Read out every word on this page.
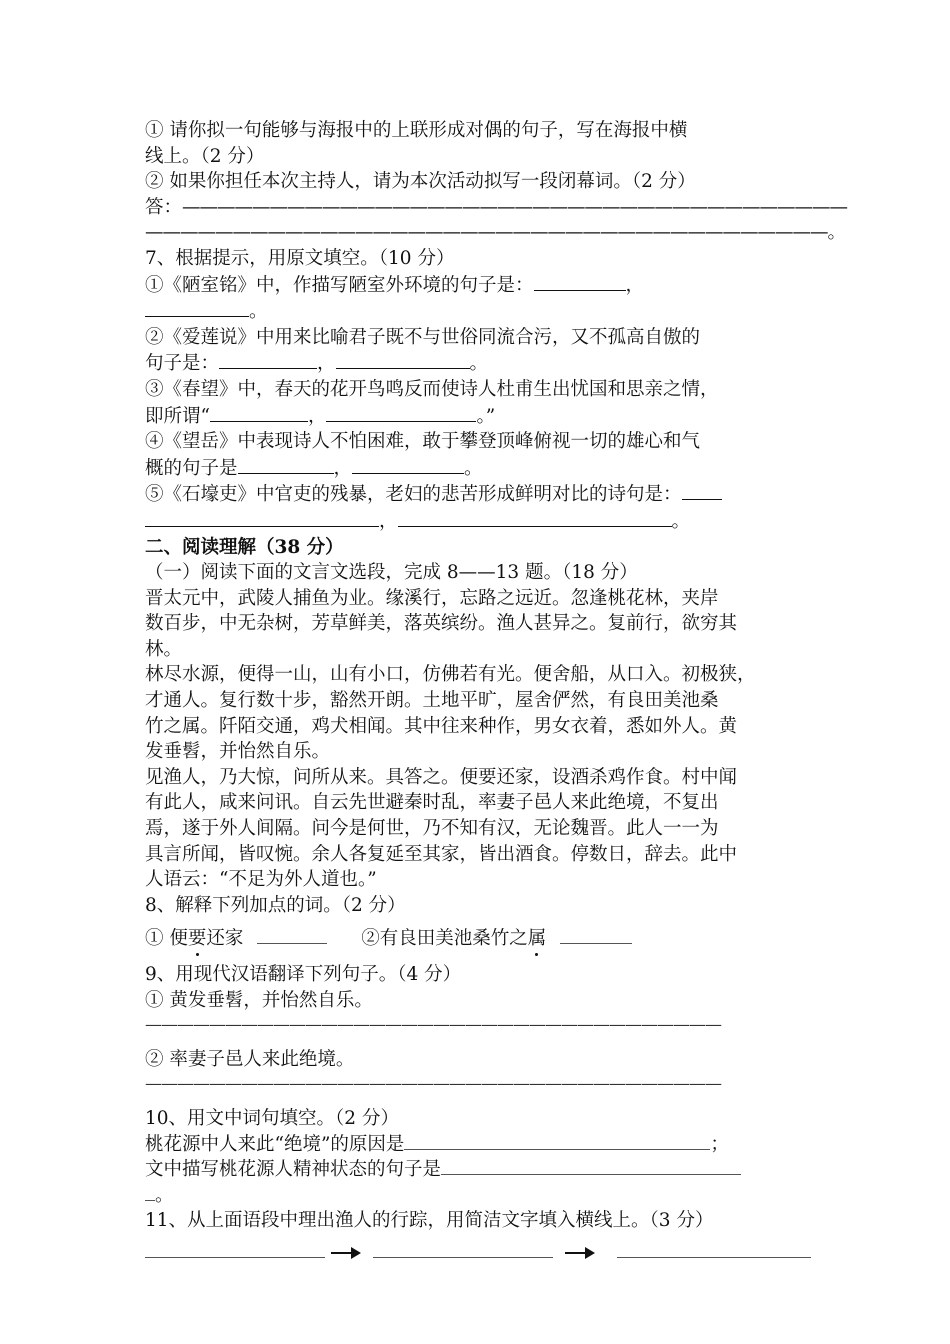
① 请你拟一句能够与海报中的上联形成对偶的句子，写在海报中横
线上。（2 分）
② 如果你担任本次主持人，请为本次活动拟写一段闭幕词。（2 分）
答：——————————————————————————————————————
———————————————————————————————————————。
7、根据提示，用原文填空。（10 分）
①《陋室铭》中，作描写陋室外环境的句子是：	，
。
②《爱莲说》中用来比喻君子既不与世俗同流合污，又不孤高自傲的
句子是：	，	。
③《春望》中，春天的花开鸟鸣反而使诗人杜甫生出忧国和思亲之情，
即所谓“	，	。”
④《望岳》中表现诗人不怕困难，敢于攀登顶峰俯视一切的雄心和气
概的句子是	，	。
⑤《石壕吏》中官吏的残暴，老妇的悲苦形成鲜明对比的诗句是：
，	。
二、阅读理解（38 分）
（一）阅读下面的文言文选段，完成 8——13 题。（18 分）
晋太元中，武陵人捕鱼为业。缘溪行，忘路之远近。忽逢桃花林，夹岸
数百步，中无杂树，芳草鲜美，落英缤纷。渔人甚异之。复前行，欲穷其
林。
林尽水源，便得一山，山有小口，仿佛若有光。便舍船，从口入。初极狭，
才通人。复行数十步，豁然开朗。土地平旷，屋舍俨然，有良田美池桑
竹之属。阡陌交通，鸡犬相闻。其中往来种作，男女衣着，悉如外人。黄
发垂髫，并怡然自乐。
见渔人，乃大惊，问所从来。具答之。便要还家，设酒杀鸡作食。村中闻
有此人，咸来问讯。自云先世避秦时乱，率妻子邑人来此绝境，不复出
焉，遂于外人间隔。问今是何世，乃不知有汉，无论魏晋。此人一一为
具言所闻，皆叹惋。余人各复延至其家，皆出酒食。停数日，辞去。此中
人语云：“不足为外人道也。”
8、解释下列加点的词。（2 分）
① 便要还家	②有良田美池桑竹之属
9、用现代汉语翻译下列句子。（4 分）
① 黄发垂髫，并怡然自乐。
————————————————————————————————————
② 率妻子邑人来此绝境。
————————————————————————————————————
10、用文中词句填空。（2 分）
桃花源中人来此“绝境”的原因是	；
文中描写桃花源人精神状态的句子是
。
11、从上面语段中理出渔人的行踪，用简洁文字填入横线上。（3 分）
